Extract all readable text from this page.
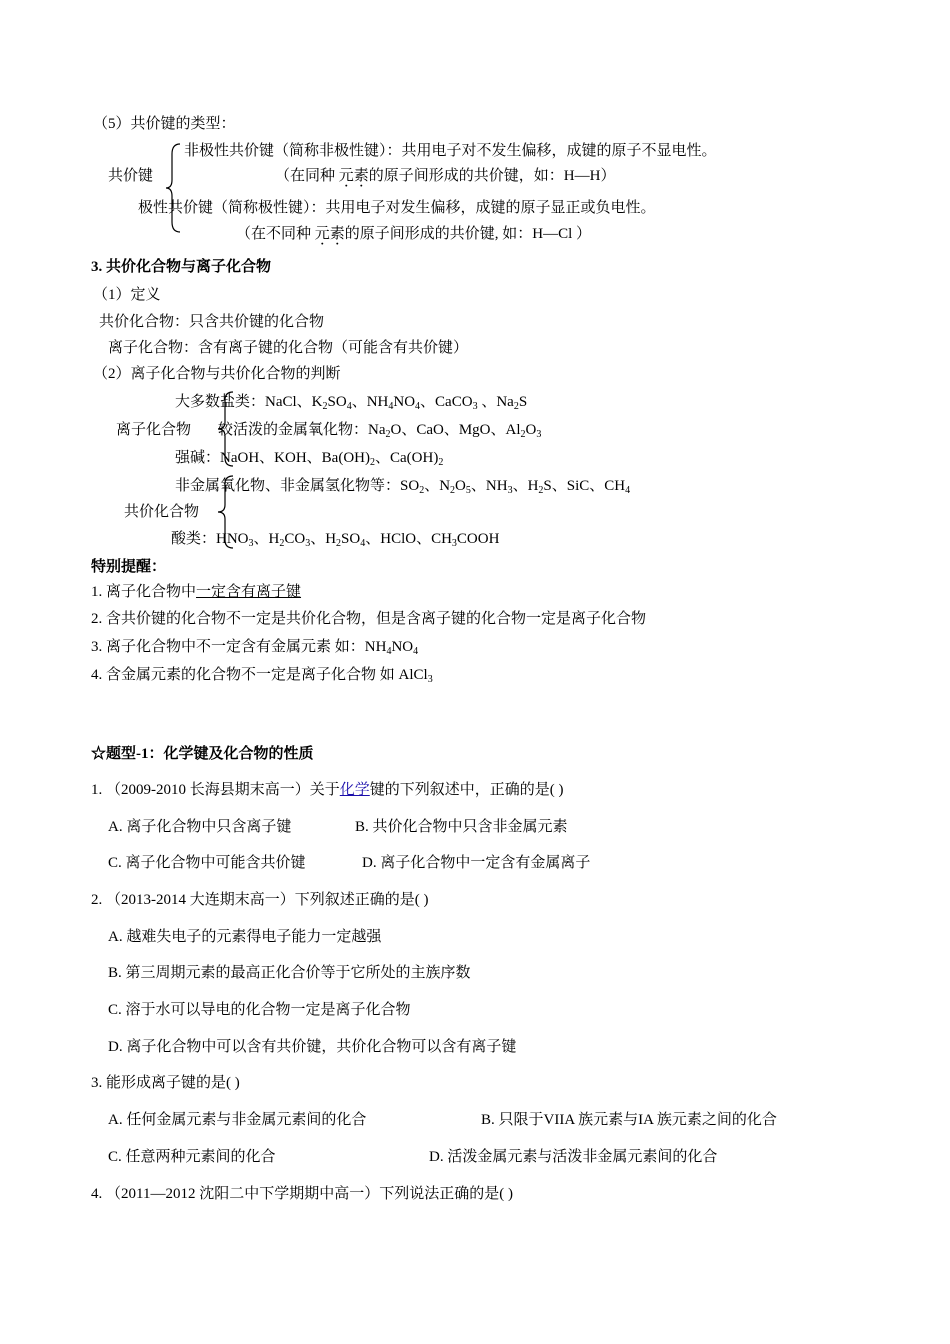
（5）共价键的类型：
共价键
非极性共价键（简称非极性键）：共用电子对不发生偏移，成键的原子不显电性。
（在同种 元素的原子间形成的共价键，如：H—H）
极性共价键（简称极性键）：共用电子对发生偏移，成键的原子显正或负电性。
（在不同种 元素的原子间形成的共价键, 如：H—Cl ）
3. 共价化合物与离子化合物
（1）定义
共价化合物：只含共价键的化合物
离子化合物：含有离子键的化合物（可能含有共价键）
（2）离子化合物与共价化合物的判断
大多数盐类：NaCl、$K_2SO_4$、$NH_4NO_4$、CaCO$_3$ 、$Na_2S$
离子化合物 较活泼的金属氧化物：$Na_2O$、CaO、MgO、$Al_2O_3$
强碱：NaOH、KOH、$Ba(OH)_2$、$Ca(OH)_2$
非金属氧化物、非金属氢化物等：$SO_2$、$N_2O_5$、$NH_3$、$H_2S$、SiC、$CH_4$
共价化合物
酸类：$HNO_3$、$H_2CO_3$、$H_2SO_4$、HClO、$CH_3COOH$
特别提醒：
1. 离子化合物中一定含有离子键
2. 含共价键的化合物不一定是共价化合物，但是含离子键的化合物一定是离子化合物
3. 离子化合物中不一定含有金属元素 如：$NH_4NO_4$
4. 含金属元素的化合物不一定是离子化合物 如 AlCl$_3$
☆题型-1：化学键及化合物的性质
1. （2009-2010 长海县期末高一）关于化学键的下列叙述中，正确的是( )
A. 离子化合物中只含离子键	B. 共价化合物中只含非金属元素
C. 离子化合物中可能含共价键	D. 离子化合物中一定含有金属离子
2. （2013-2014 大连期末高一）下列叙述正确的是( )
A. 越难失电子的元素得电子能力一定越强
B. 第三周期元素的最高正化合价等于它所处的主族序数
C. 溶于水可以导电的化合物一定是离子化合物
D. 离子化合物中可以含有共价键，共价化合物可以含有离子键
3. 能形成离子键的是( )
A. 任何金属元素与非金属元素间的化合	B. 只限于VIIA 族元素与IA 族元素之间的化合
C. 任意两种元素间的化合	D. 活泼金属元素与活泼非金属元素间的化合
4. （2011—2012 沈阳二中下学期期中高一）下列说法正确的是( )
